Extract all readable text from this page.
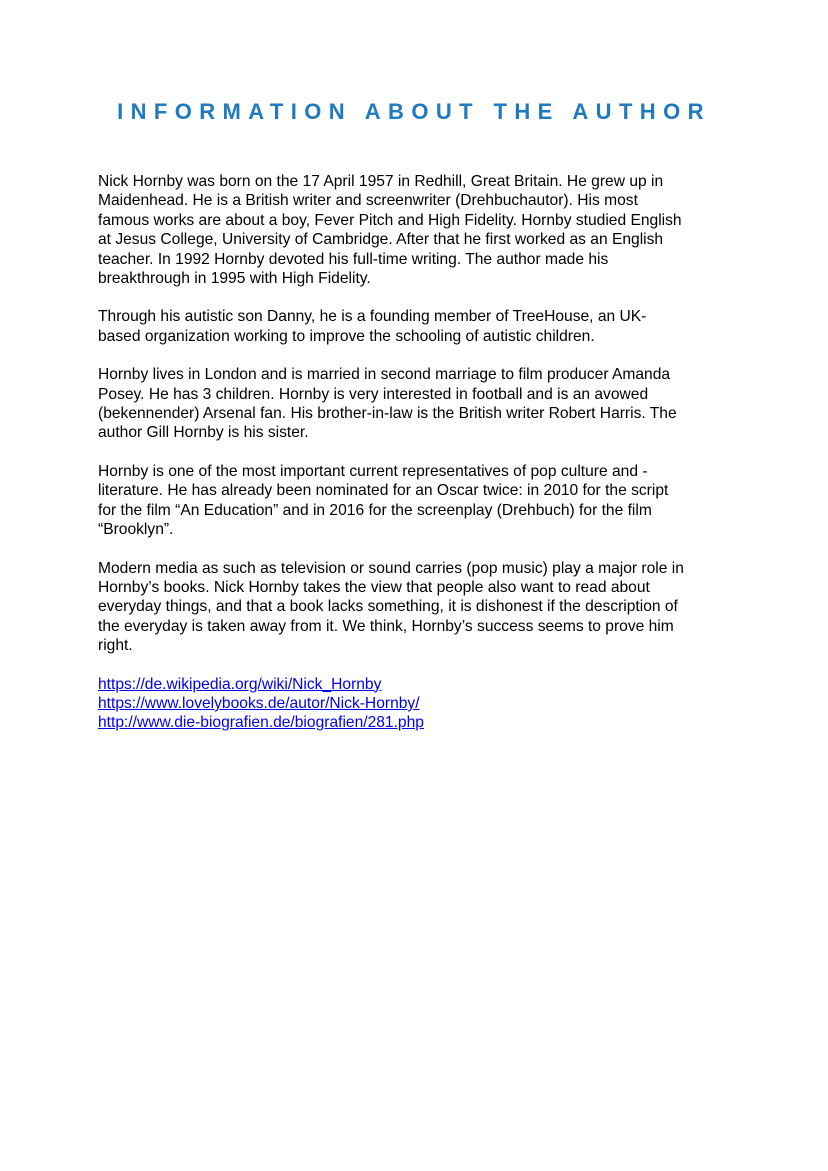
INFORMATION ABOUT THE AUTHOR

Nick Hornby was born on the 17 April 1957 in Redhill, Great Britain. He grew up in
Maidenhead. He is a British writer and screenwriter (Drehbuchautor). His most
famous works are about a boy, Fever Pitch and High Fidelity. Hornby studied English
at Jesus College, University of Cambridge. After that he first worked as an English
teacher. In 1992 Hornby devoted his full-time writing. The author made his
breakthrough in 1995 with High Fidelity.

Through his autistic son Danny, he is a founding member of TreeHouse, an UK-
based organization working to improve the schooling of autistic children.

Hornby lives in London and is married in second marriage to film producer Amanda
Posey. He has 3 children. Hornby is very interested in football and is an avowed
(bekennender) Arsenal fan. His brother-in-law is the British writer Robert Harris. The
author Gill Hornby is his sister.

Hornby is one of the most important current representatives of pop culture and -
literature. He has already been nominated for an Oscar twice: in 2010 for the script
for the film “An Education” and in 2016 for the screenplay (Drehbuch) for the film
“Brooklyn”.

Modern media as such as television or sound carries (pop music) play a major role in
Hornby’s books. Nick Hornby takes the view that people also want to read about
everyday things, and that a book lacks something, it is dishonest if the description of
the everyday is taken away from it. We think, Hornby’s success seems to prove him
right.

https://de.wikipedia.org/wiki/Nick_Hornby
https://www.lovelybooks.de/autor/Nick-Hornby/
http://www.die-biografien.de/biografien/281.php
